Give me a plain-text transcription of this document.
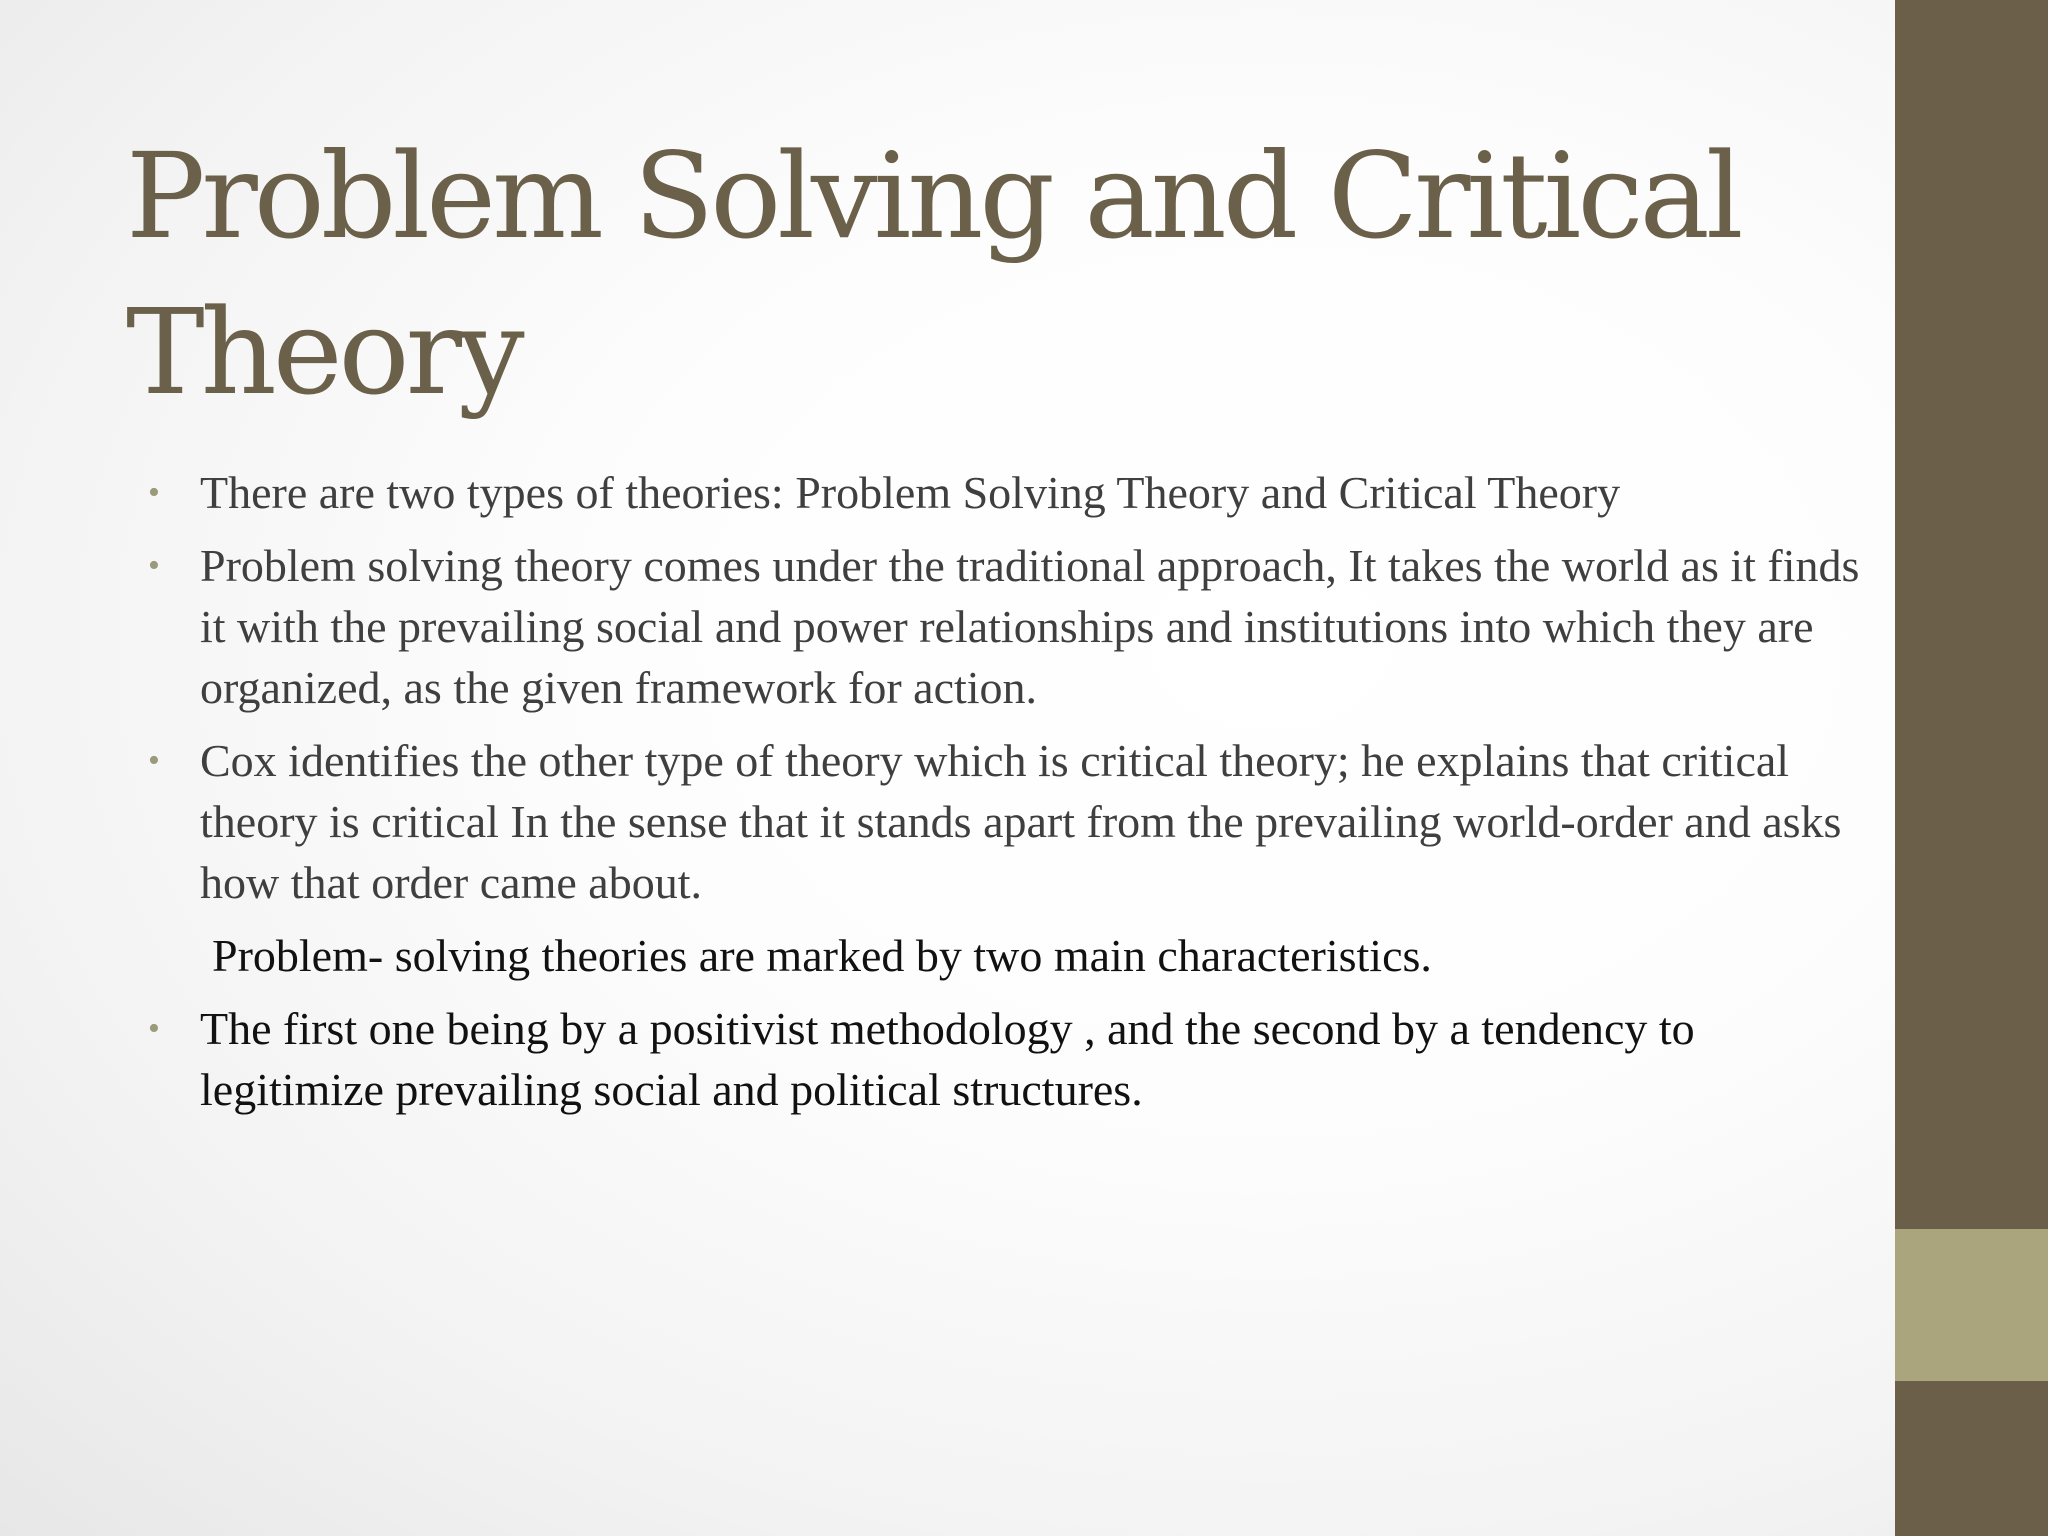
Problem Solving and Critical Theory
• There are two types of theories: Problem Solving Theory and Critical Theory
• Problem solving theory comes under the traditional approach, It takes the world as it finds it with the prevailing social and power relationships and institutions into which they are organized, as the given framework for action.
• Cox identifies the other type of theory which is critical theory; he explains that critical theory is critical In the sense that it stands apart from the prevailing world-order and asks how that order came about.
Problem- solving theories are marked by two main characteristics.
• The first one being by a positivist methodology , and the second by a tendency to legitimize prevailing social and political structures.
